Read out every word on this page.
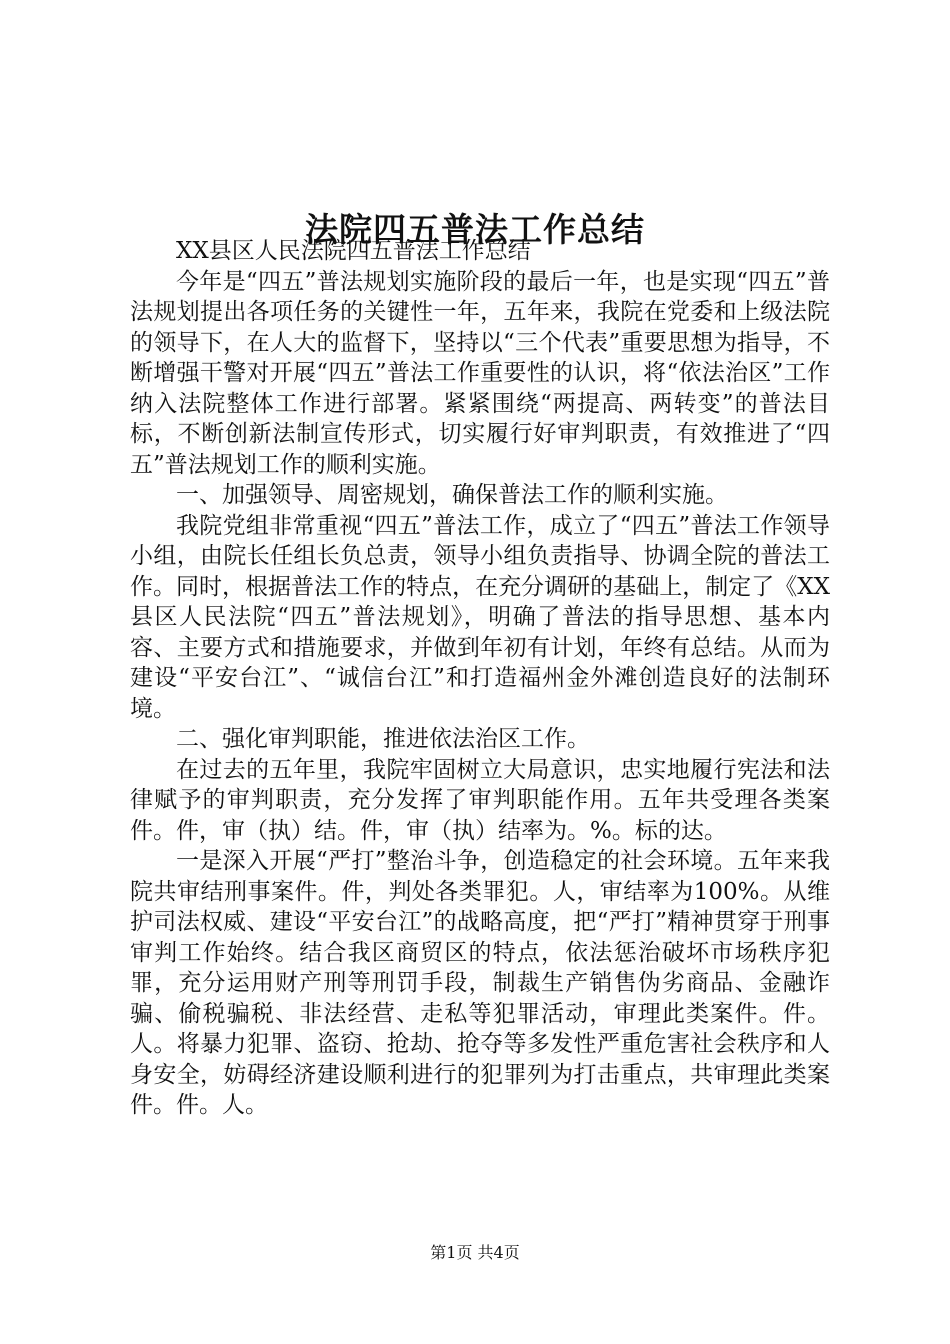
法院四五普法工作总结

XX县区人民法院四五普法工作总结

今年是“四五”普法规划实施阶段的最后一年，也是实现“四五”普法规划提出各项任务的关键性一年，五年来，我院在党委和上级法院的领导下，在人大的监督下，坚持以“三个代表”重要思想为指导，不断增强干警对开展“四五”普法工作重要性的认识，将“依法治区”工作纳入法院整体工作进行部署。紧紧围绕“两提高、两转变”的普法目标，不断创新法制宣传形式，切实履行好审判职责，有效推进了“四五”普法规划工作的顺利实施。

一、加强领导、周密规划，确保普法工作的顺利实施。

我院党组非常重视“四五”普法工作，成立了“四五”普法工作领导小组，由院长任组长负总责，领导小组负责指导、协调全院的普法工作。同时，根据普法工作的特点，在充分调研的基础上，制定了《XX县区人民法院“四五”普法规划》，明确了普法的指导思想、基本内容、主要方式和措施要求，并做到年初有计划，年终有总结。从而为建设“平安台江”、“诚信台江”和打造福州金外滩创造良好的法制环境。

二、强化审判职能，推进依法治区工作。

在过去的五年里，我院牢固树立大局意识，忠实地履行宪法和法律赋予的审判职责，充分发挥了审判职能作用。五年共受理各类案件。件，审（执）结。件，审（执）结率为。%。标的达。

一是深入开展“严打”整治斗争，创造稳定的社会环境。五年来我院共审结刑事案件。件，判处各类罪犯。人，审结率为100%。从维护司法权威、建设“平安台江”的战略高度，把“严打”精神贯穿于刑事审判工作始终。结合我区商贸区的特点，依法惩治破坏市场秩序犯罪，充分运用财产刑等刑罚手段，制裁生产销售伪劣商品、金融诈骗、偷税骗税、非法经营、走私等犯罪活动，审理此类案件。件。人。将暴力犯罪、盗窃、抢劫、抢夺等多发性严重危害社会秩序和人身安全，妨碍经济建设顺利进行的犯罪列为打击重点，共审理此类案件。件。人。

第1页 共4页
